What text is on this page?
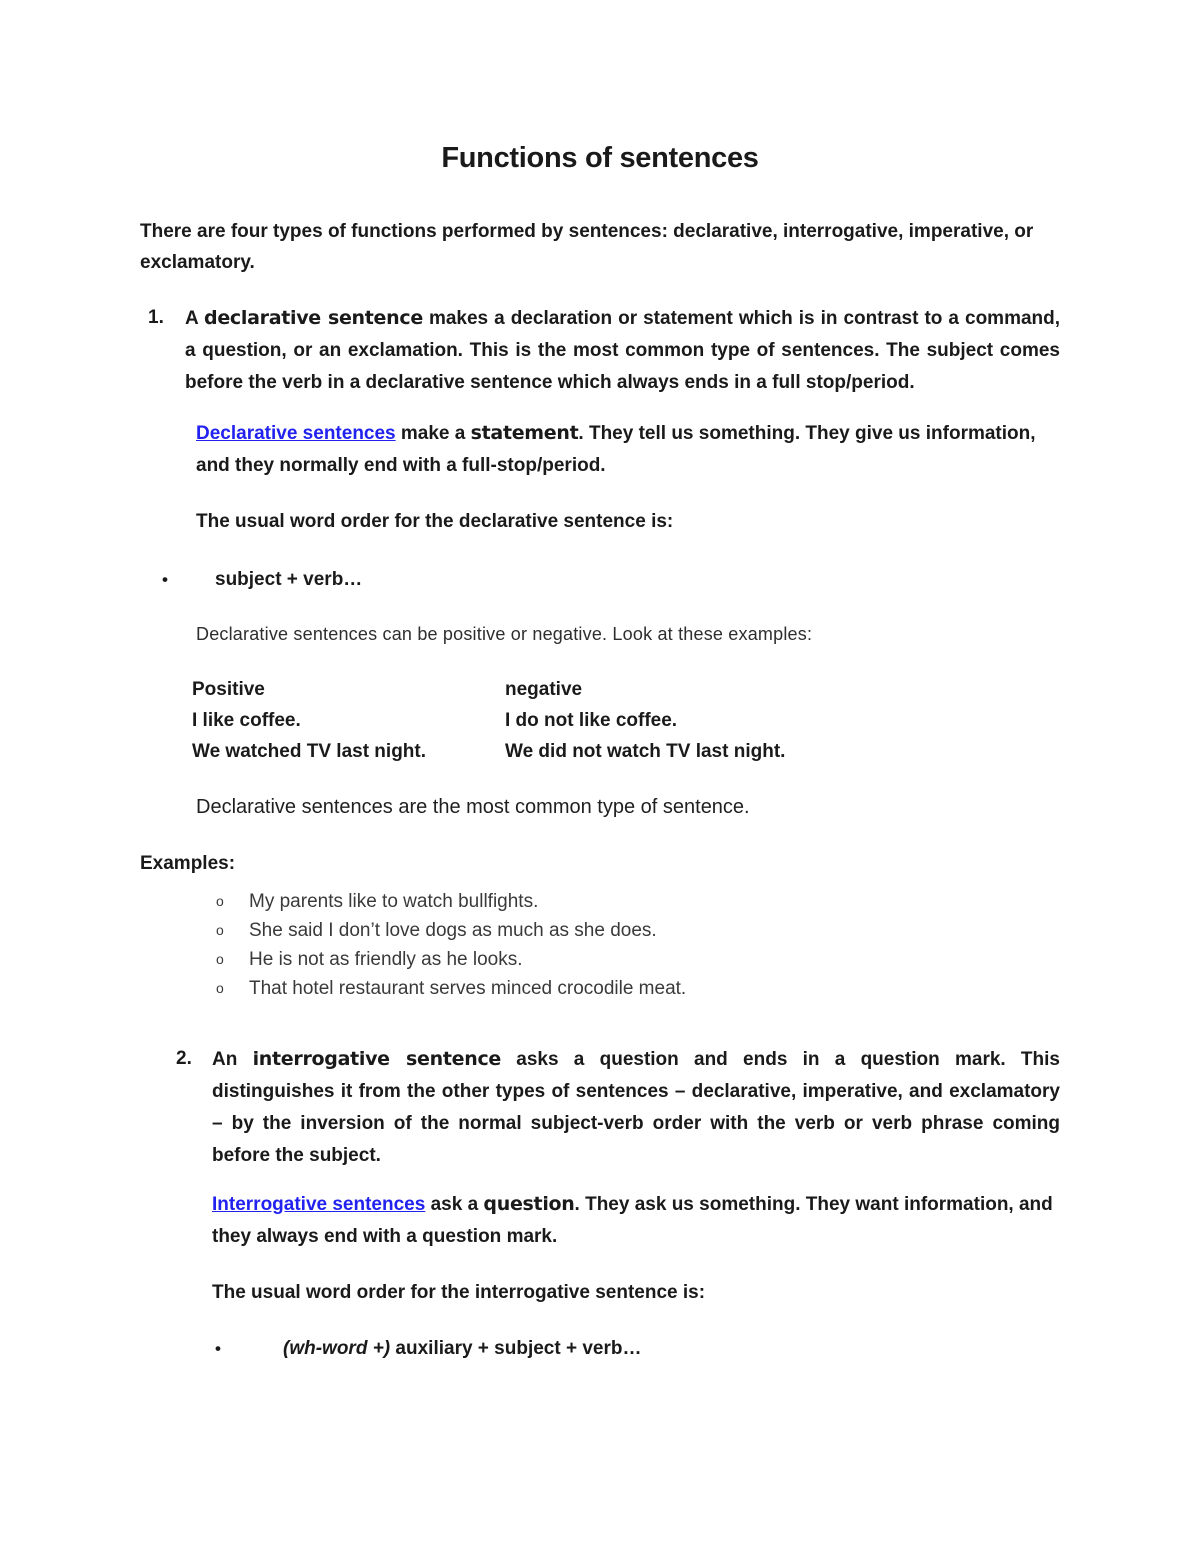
Functions of sentences
There are four types of functions performed by sentences: declarative, interrogative, imperative, or exclamatory.
1.	A declarative sentence makes a declaration or statement which is in contrast to a command, a question, or an exclamation. This is the most common type of sentences. The subject comes before the verb in a declarative sentence which always ends in a full stop/period.
Declarative sentences make a statement. They tell us something. They give us information, and they normally end with a full-stop/period.
The usual word order for the declarative sentence is:
•	subject + verb…
Declarative sentences can be positive or negative. Look at these examples:
Positive	negative
I like coffee.	I do not like coffee.
We watched TV last night.	We did not watch TV last night.
Declarative sentences are the most common type of sentence.
Examples:
o	My parents like to watch bullfights.
o	She said I don’t love dogs as much as she does.
o	He is not as friendly as he looks.
o	That hotel restaurant serves minced crocodile meat.
2.	An interrogative sentence asks a question and ends in a question mark. This distinguishes it from the other types of sentences – declarative, imperative, and exclamatory – by the inversion of the normal subject-verb order with the verb or verb phrase coming before the subject.
Interrogative sentences ask a question. They ask us something. They want information, and they always end with a question mark.
The usual word order for the interrogative sentence is:
•	(wh-word +) auxiliary + subject + verb…
